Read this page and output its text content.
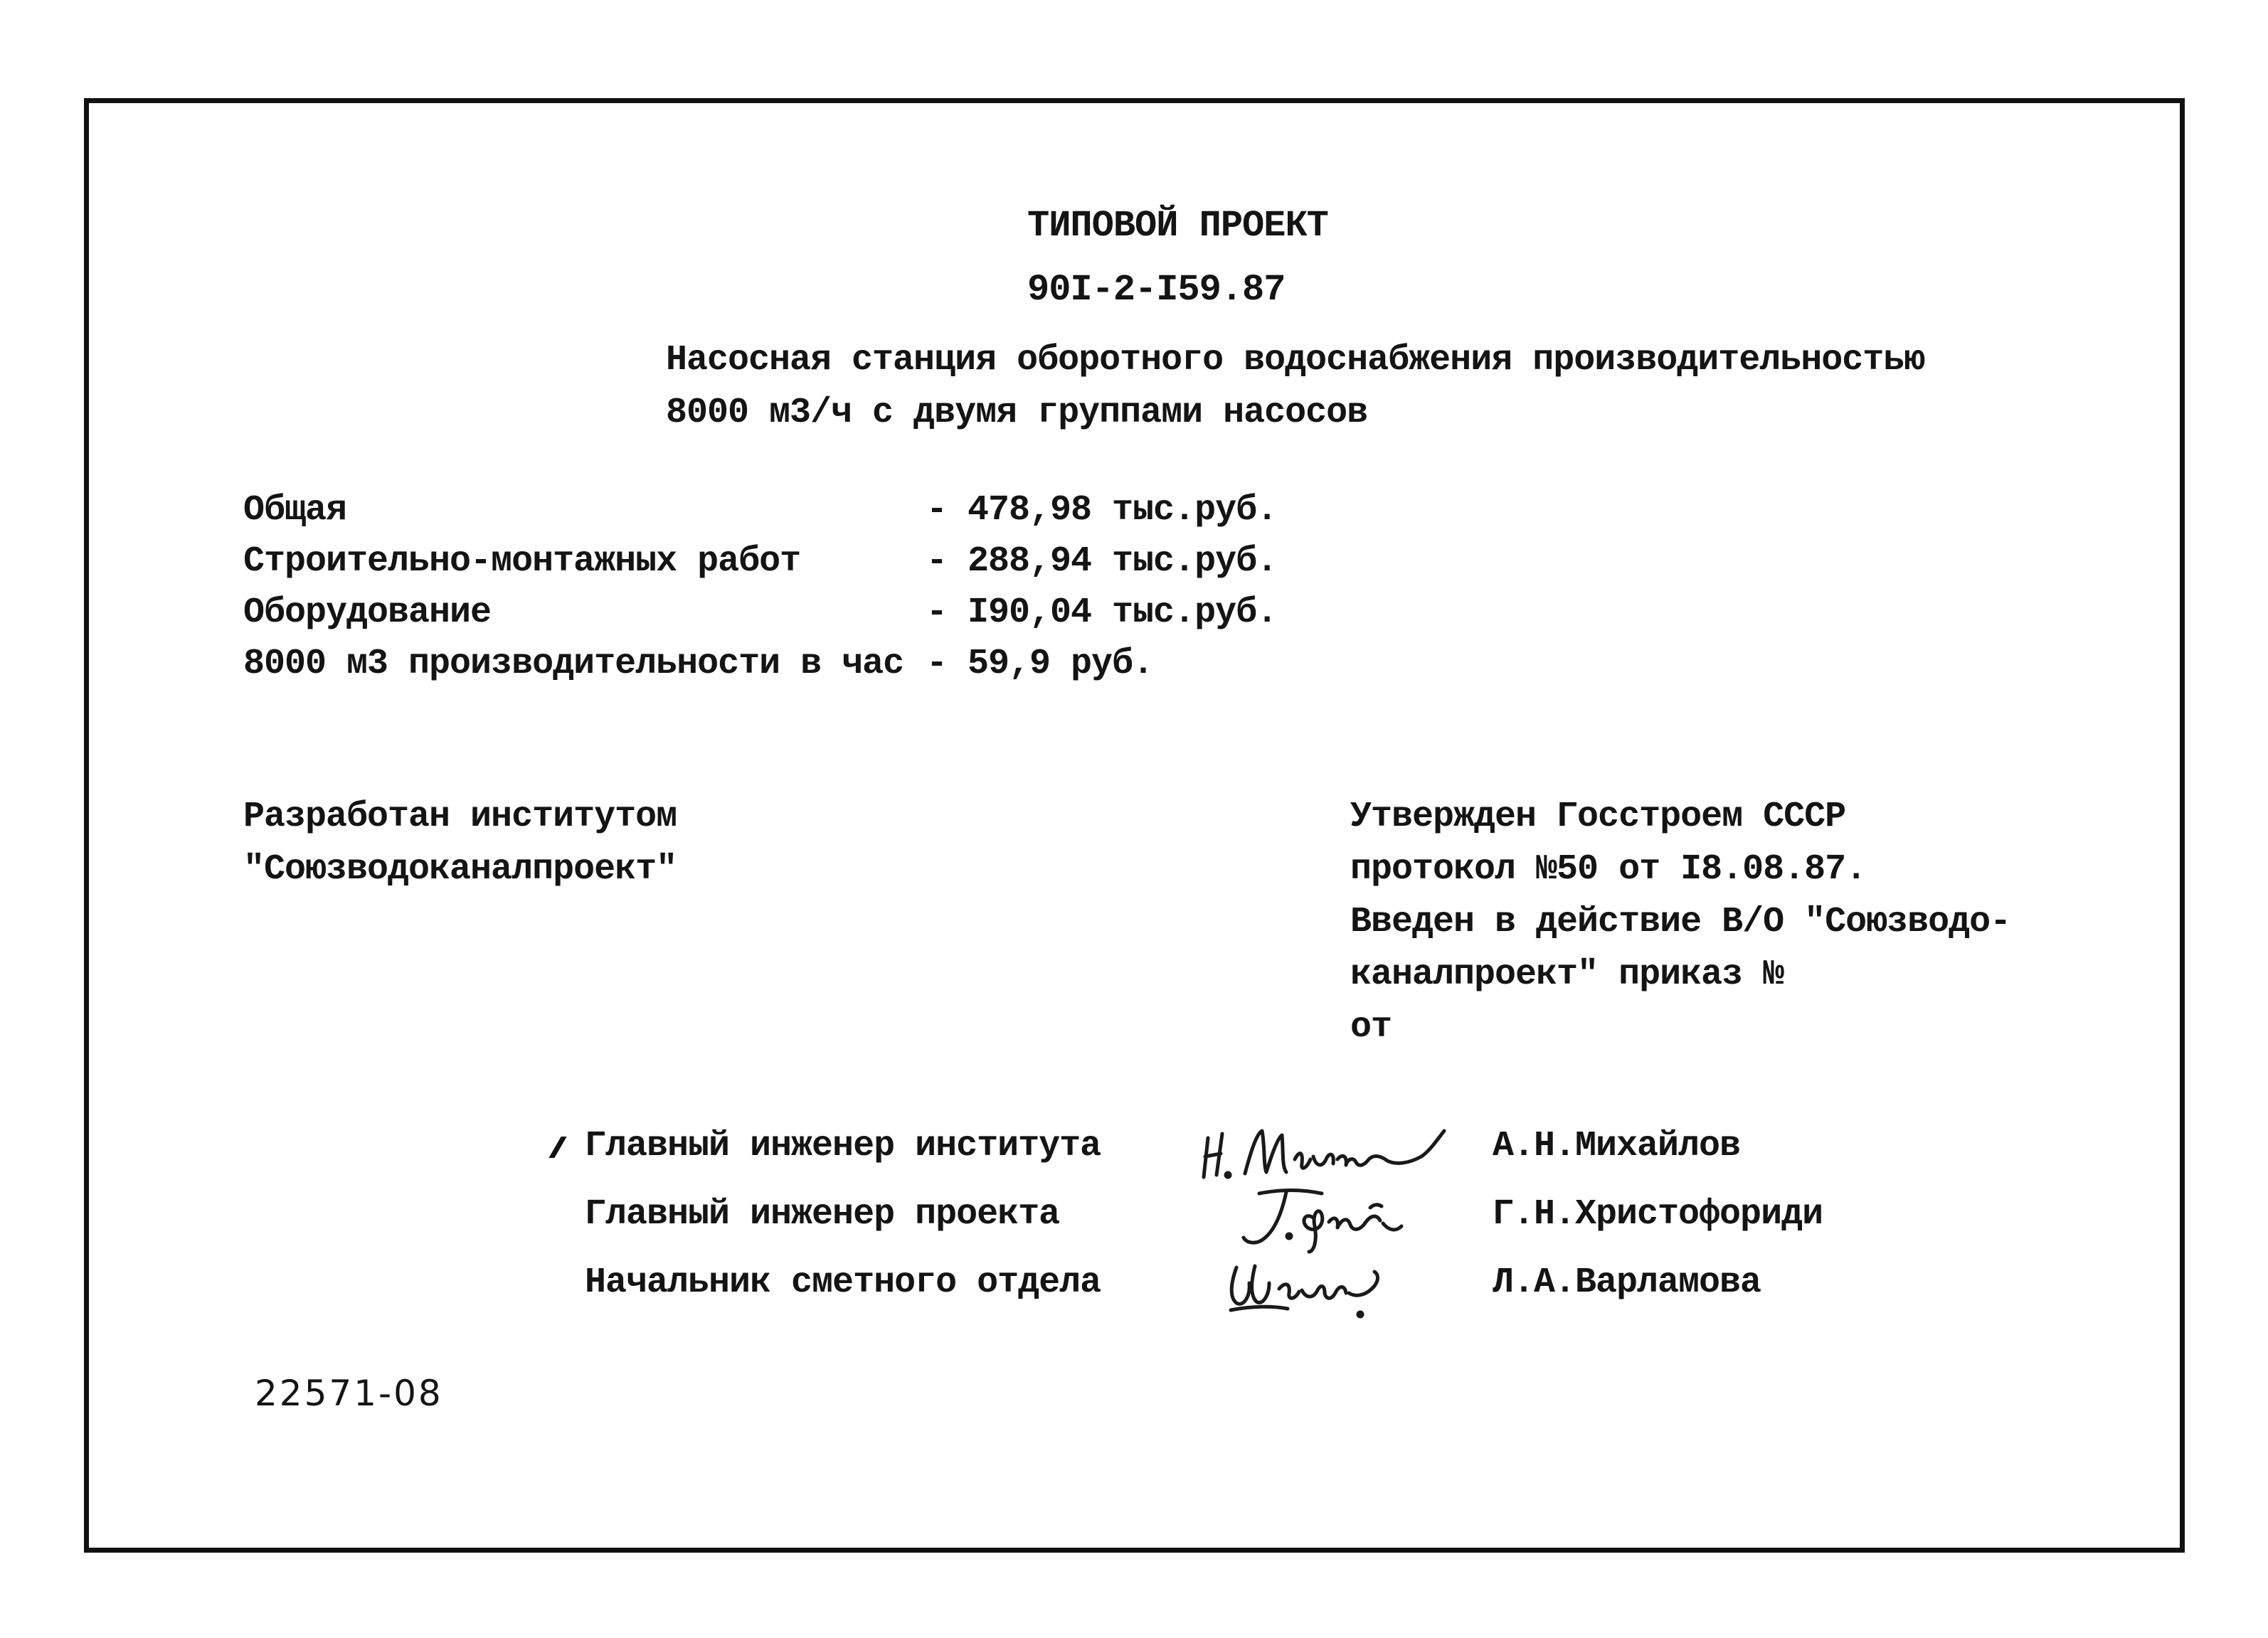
ТИПОВОЙ ПРОЕКТ
90I-2-I59.87
Насосная станция оборотного водоснабжения производительностью
8000 м3/ч с двумя группами насосов
Общая	- 478,98 тыс.руб.
Строительно-монтажных работ	- 288,94 тыс.руб.
Оборудование	- I90,04 тыс.руб.
8000 м3 производительности в час - 59,9 руб.
Разработан институтом
"Союзводоканалпроект"
Утвержден Госстроем СССР
протокол №50 от I8.08.87.
Введен в действие В/О "Союзводо-
каналпроект" приказ №
от
Главный инженер института	А.Н.Михайлов
Главный инженер проекта	Г.Н.Христофориди
Начальник сметного отдела	Л.А.Варламова
22571-08
